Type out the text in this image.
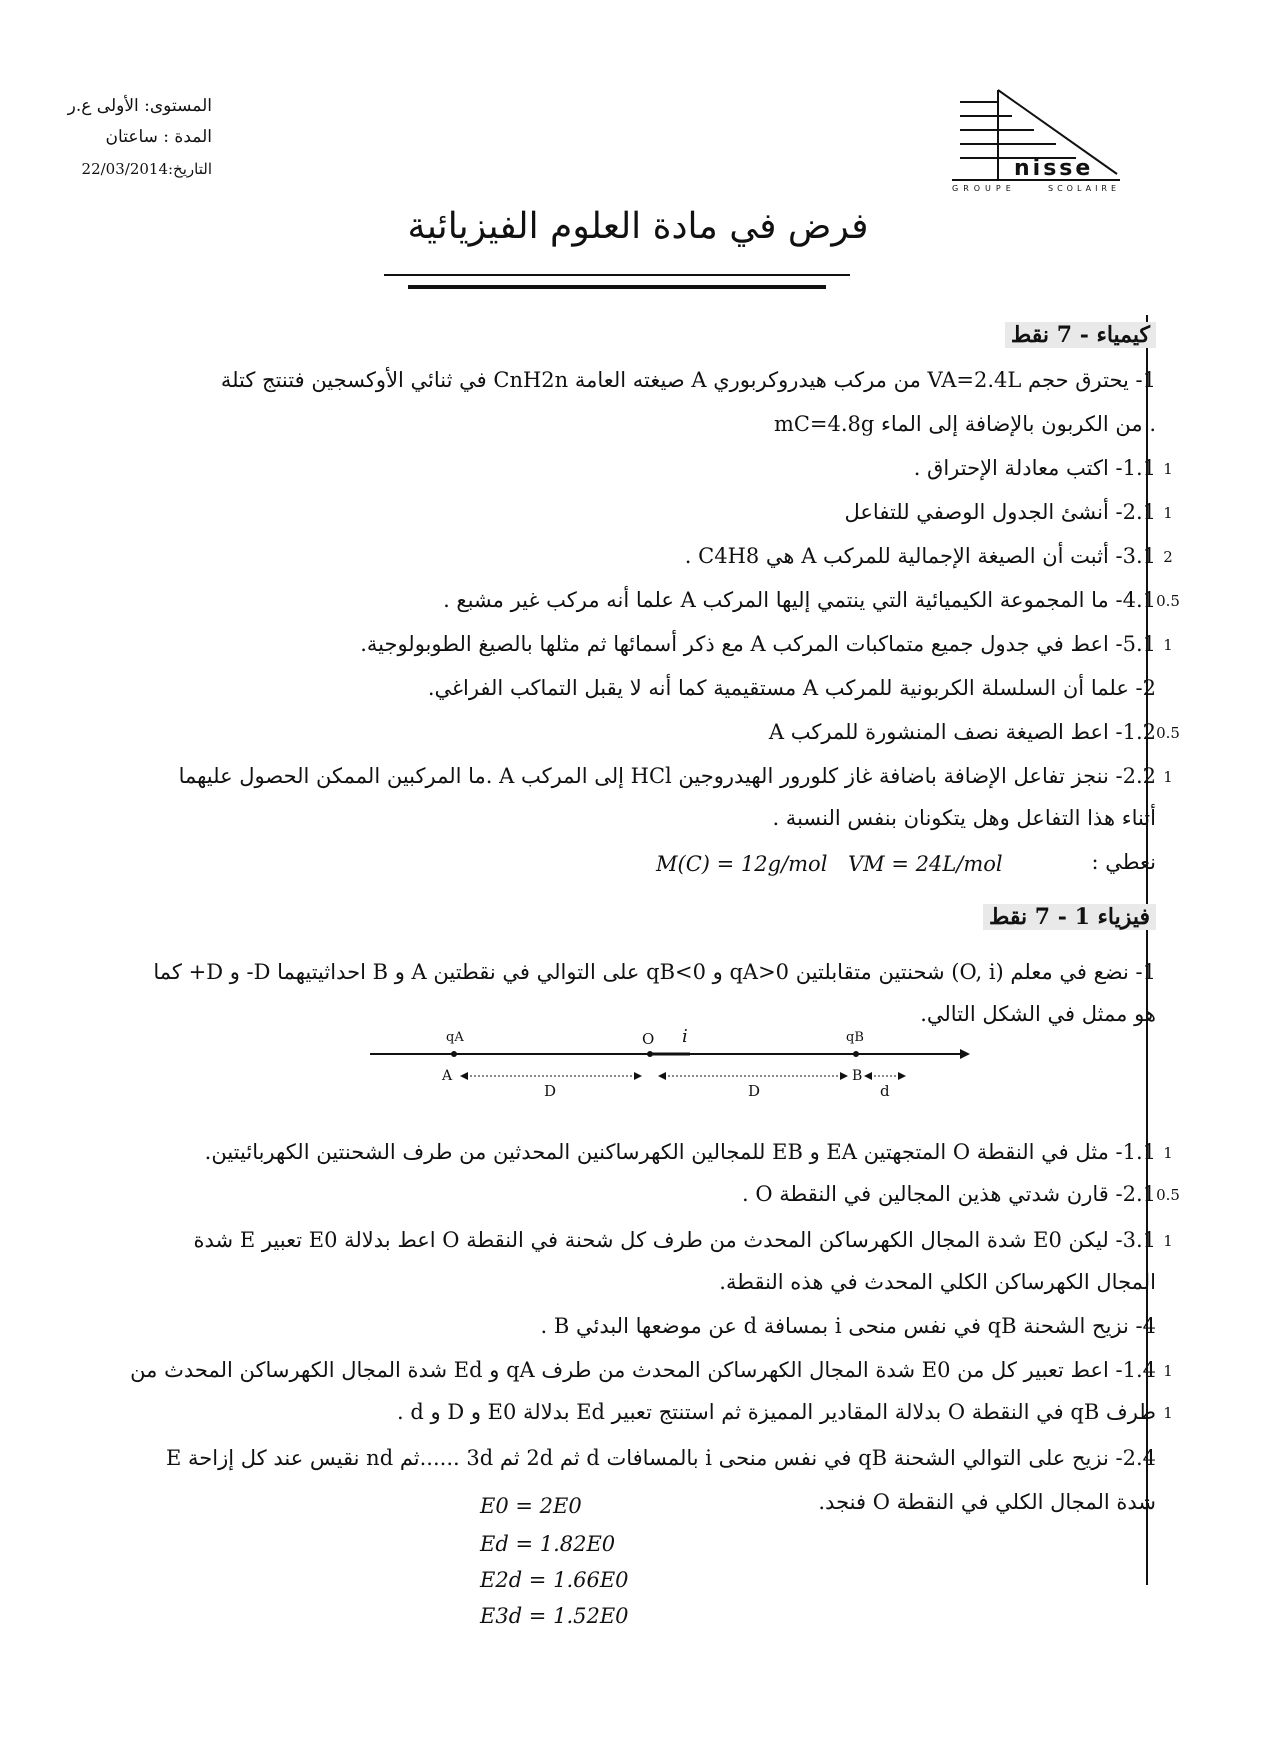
المستوى: الأولى ع.ر
المدة : ساعتان
التاريخ:22/03/2014	nisse
GROUPE	SCOLAIRE
فرض في مادة العلوم الفيزيائية
كيمياء - 7 نقط
1- يحترق حجم VA=2.4L من مركب هيدروكربوري A صيغته العامة CnH2n في ثنائي الأوكسجين فتنتج كتلة
mC=4.8g من الكربون بالإضافة إلى الماء .
1.1- اكتب معادلة الإحتراق . 1
2.1- أنشئ الجدول الوصفي للتفاعل 1
3.1- أثبت أن الصيغة الإجمالية للمركب A هي C4H8 . 2
4.1- ما المجموعة الكيميائية التي ينتمي إليها المركب A علما أنه مركب غير مشبع . 0.5
5.1- اعط في جدول جميع متماكبات المركب A مع ذكر أسمائها ثم مثلها بالصيغ الطوبولوجية. 1
2- علما أن السلسلة الكربونية للمركب A مستقيمية كما أنه لا يقبل التماكب الفراغي.
1.2- اعط الصيغة نصف المنشورة للمركب A 0.5
2.2- ننجز تفاعل الإضافة باضافة غاز كلورور الهيدروجين HCl إلى المركب A .ما المركبين الممكن الحصول عليهما 1
أثناء هذا التفاعل وهل يتكونان بنفس النسبة .
نعطي :
VM = 24L/mol
M(C) = 12g/mol
فيزياء 1 - 7 نقط
1- نضع في معلم (O, i) شحنتين متقابلتين qA>0 و qB<0 على التوالي في نقطتين A و B احداثيتيهما D- و D+ كما
هو ممثل في الشكل التالي.
qA	O i	qB
A	B
D	D	d
1.1- مثل في النقطة O المتجهتين EA و EB للمجالين الكهرساكنين المحدثين من طرف الشحنتين الكهربائيتين. 1
2.1- قارن شدتي هذين المجالين في النقطة O . 0.5
3.1- ليكن E0 شدة المجال الكهرساكن المحدث من طرف كل شحنة في النقطة O اعط بدلالة E0 تعبير E شدة 1
المجال الكهرساكن الكلي المحدث في هذه النقطة.
4- نزيح الشحنة qB في نفس منحى i بمسافة d عن موضعها البدئي B .
1.4- اعط تعبير كل من E0 شدة المجال الكهرساكن المحدث من طرف qA و Ed شدة المجال الكهرساكن المحدث من 1
طرف qB في النقطة O بدلالة المقادير المميزة ثم استنتج تعبير Ed بدلالة E0 و D و d . 1
2.4- نزيح على التوالي الشحنة qB في نفس منحى i بالمسافات d ثم 2d ثم 3d ......ثم nd نقيس عند كل إزاحة E
شدة المجال الكلي في النقطة O فنجد.
E0 = 2E0
Ed = 1.82E0
E2d = 1.66E0
E3d = 1.52E0
